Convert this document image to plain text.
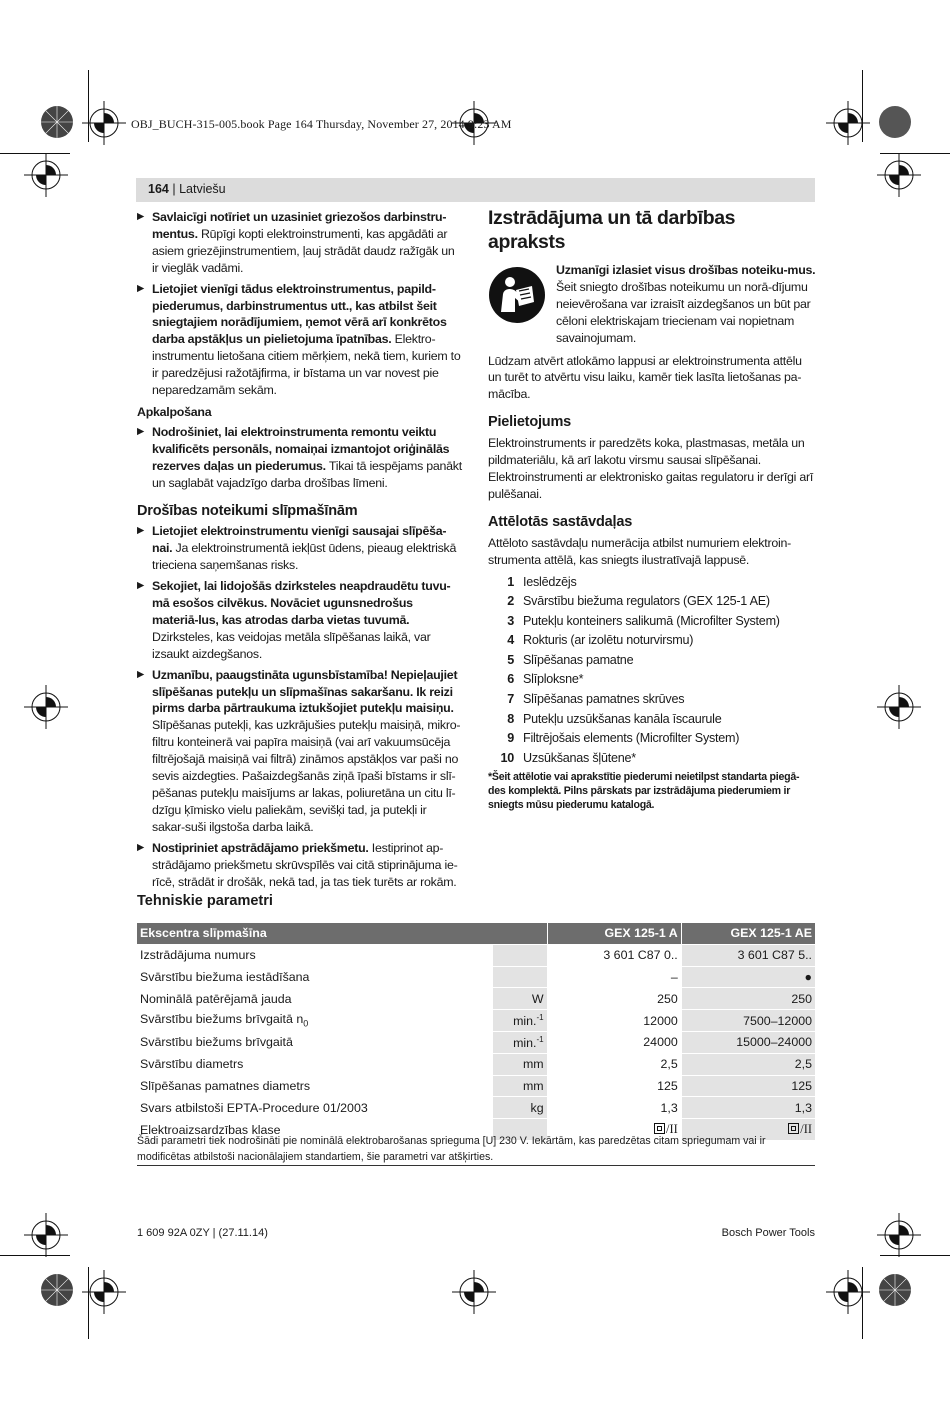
OBJ_BUCH-315-005.book Page 164 Thursday, November 27, 2014 9:23 AM
164 | Latviešu
▶ Savlaicīgi notīriet un uzasiniet griezošos darbinstru-mentus. Rūpīgi kopti elektroinstrumenti, kas apgādāti ar asiem griezējinstrumentiem, ļauj strādāt daudz ražīgāk un ir vieglāk vadāmi.
▶ Lietojiet vienīgi tādus elektroinstrumentus, papild-piederumus, darbinstrumentus utt., kas atbilst šeit sniegtajiem norādījumiem, ņemot vērā arī konkrētos darba apstākļus un pielietojuma īpatnības. Elektro-instrumentu lietošana citiem mērķiem, nekā tiem, kuriem to ir paredzējusi ražotājfirma, ir bīstama un var novest pie neparedzamām sekām.
Apkalpošana
▶ Nodrošiniet, lai elektroinstrumenta remontu veiktu kvalificēts personāls, nomaiņai izmantojot oriģinālās rezerves daļas un piederumus. Tikai tā iespējams panākt un saglabāt vajadzīgo darba drošības līmeni.
Drošības noteikumi slīpmašīnām
▶ Lietojiet elektroinstrumentu vienīgi sausajai slīpēša-nai. Ja elektroinstrumentā iekļūst ūdens, pieaug elektriskā trieciena saņemšanas risks.
▶ Sekojiet, lai lidojošās dzirksteles neapdraudētu tuvu-mā esošos cilvēkus. Novāciet ugunsnedrošus materiā-lus, kas atrodas darba vietas tuvumā. Dzirksteles, kas veidojas metāla slīpēšanas laikā, var izsaukt aizdegšanos.
▶ Uzmanību, paaugstināta ugunsbīstamība! Nepieļaujiet slīpēšanas putekļu un slīpmašīnas sakaršanu. Ik reizi pirms darba pārtraukuma iztukšojiet putekļu maisiņu. Slīpēšanas putekļi, kas uzkrājušies putekļu maisiņā, mikro-filtru konteinerā vai papīra maisiņā (vai arī vakuumsūcēja filtrējošajā maisiņā vai filtrā) zināmos apstākļos var paši no sevis aizdegties. Pašaizdegšanās ziņā īpaši bīstams ir slī-pēšanas putekļu maisījums ar lakas, poliuretāna un citu lī-dzīgu ķīmisko vielu paliekām, sevišķi tad, ja putekļi ir sakar-suši ilgstoša darba laikā.
▶ Nostipriniet apstrādājamo priekšmetu. Iestiprinot ap-strādājamo priekšmetu skrūvspīlēs vai citā stiprinājuma ie-rīcē, strādāt ir drošāk, nekā tad, ja tas tiek turēts ar rokām.
Izstrādājuma un tā darbības apraksts
Uzmanīgi izlasiet visus drošības noteiku-mus. Šeit sniegto drošības noteikumu un norā-dījumu neievērošana var izraisīt aizdegšanos un būt par cēloni elektriskajam triecienam vai nopietnam savainojumam.

Lūdzam atvērt atlokāmo lappusi ar elektroinstrumenta attēlu un turēt to atvērtu visu laiku, kamēr tiek lasīta lietošanas pa-mācība.

Pielietojums

Elektroinstruments ir paredzēts koka, plastmasas, metāla un pildmateriālu, kā arī lakotu virsmu sausai slīpēšanai.

Elektroinstrumenti ar elektronisko gaitas regulatoru ir derīgi arī pulēšanai.

Attēlotās sastāvdaļas

Attēloto sastāvdaļu numerācija atbilst numuriem elektroin-strumenta attēlā, kas sniegts ilustratīvajā lappusē.

1 Ieslēdzējs
2 Svārstību biežuma regulators (GEX 125-1 AE)
3 Putekļu konteiners salikumā (Microfilter System)
4 Rokturis (ar izolētu noturvirsmu)
5 Slīpēšanas pamatne
6 Slīploksne*
7 Slīpēšanas pamatnes skrūves
8 Putekļu uzsūkšanas kanāla īscaurule
9 Filtrējošais elements (Microfilter System)
10 Uzsūkšanas šļūtene*
*Šeit attēlotie vai aprakstītie piederumi neietilpst standarta piegā-des komplektā. Pilns pārskats par izstrādājuma piederumiem ir sniegts mūsu piederumu katalogā.
Tehniskie parametri
Ekscentra slīpmašīna		GEX 125-1 A	GEX 125-1 AE
Izstrādājuma numurs		3 601 C87 0..	3 601 C87 5..
Svārstību biežuma iestādīšana		–	●
Nominālā patērējamā jauda	W	250	250
Svārstību biežums brīvgaitā $n_0$	min.$^{-1}$	12000	7500–12000
Svārstību biežums brīvgaitā	min.$^{-1}$	24000	15000–24000
Svārstību diametrs	mm	2,5	2,5
Slīpēšanas pamatnes diametrs	mm	125	125
Svars atbilstoši EPTA-Procedure 01/2003	kg	1,3	1,3
Elektroaizsardzības klase		/II	/II
Šādi parametri tiek nodrošināti pie nominālā elektrobarošanas sprieguma [U] 230 V. Iekārtām, kas paredzētas citam spriegumam vai ir modificētas atbilstoši nacionālajiem standartiem, šie parametri var atšķirties.
1 609 92A 0ZY | (27.11.14)	Bosch Power Tools
